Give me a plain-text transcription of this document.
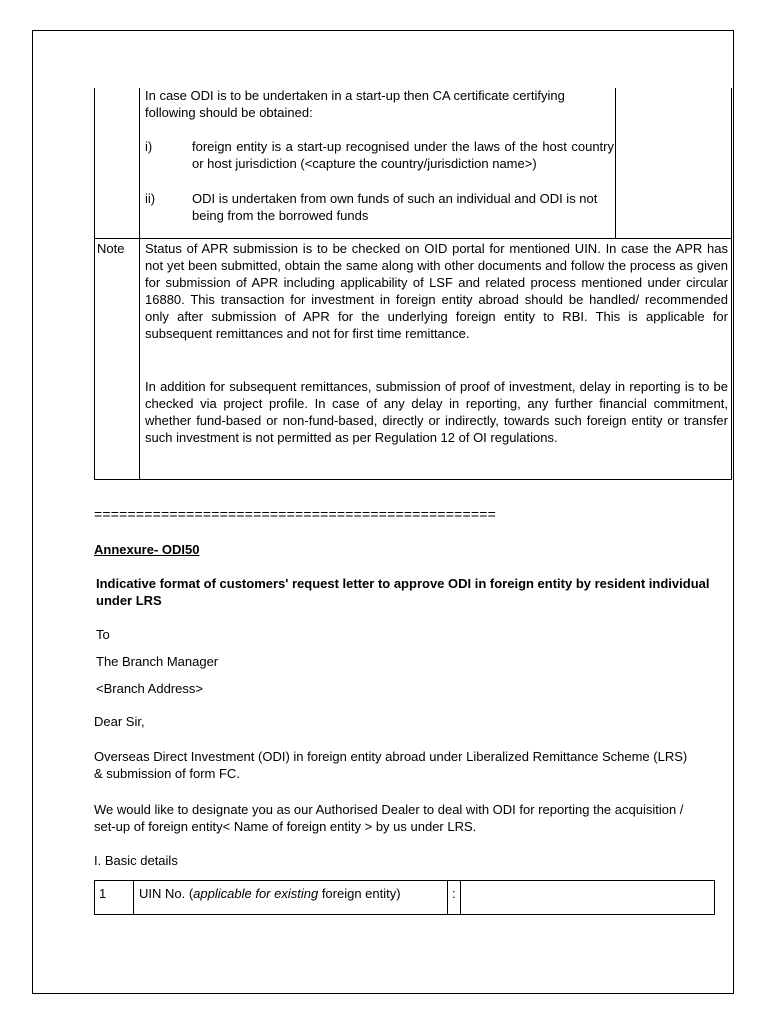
In case ODI is to be undertaken in a start-up then CA certificate certifying following should be obtained:
i)	foreign entity is a start-up recognised under the laws of the host country or host jurisdiction (<capture the country/jurisdiction name>)
ii)	ODI is undertaken from own funds of such an individual and ODI is not being from the borrowed funds
Note Status of APR submission is to be checked on OID portal for mentioned UIN. In case the APR has not yet been submitted, obtain the same along with other documents and follow the process as given for submission of APR including applicability of LSF and related process mentioned under circular 16880. This transaction for investment in foreign entity abroad should be handled/ recommended only after submission of APR for the underlying foreign entity to RBI. This is applicable for subsequent remittances and not for first time remittance.
In addition for subsequent remittances, submission of proof of investment, delay in reporting is to be checked via project profile. In case of any delay in reporting, any further financial commitment, whether fund-based or non-fund-based, directly or indirectly, towards such foreign entity or transfer such investment is not permitted as per Regulation 12 of OI regulations.
================================================
Annexure- ODI50
Indicative format of customers' request letter to approve ODI in foreign entity by resident individual under LRS
To
The Branch Manager
<Branch Address>
Dear Sir,
Overseas Direct Investment (ODI) in foreign entity abroad under Liberalized Remittance Scheme (LRS) & submission of form FC.
We would like to designate you as our Authorised Dealer to deal with ODI for reporting the acquisition / set-up of foreign entity< Name of foreign entity > by us under LRS.
I. Basic details
1	UIN No. (applicable for existing foreign entity)	:
